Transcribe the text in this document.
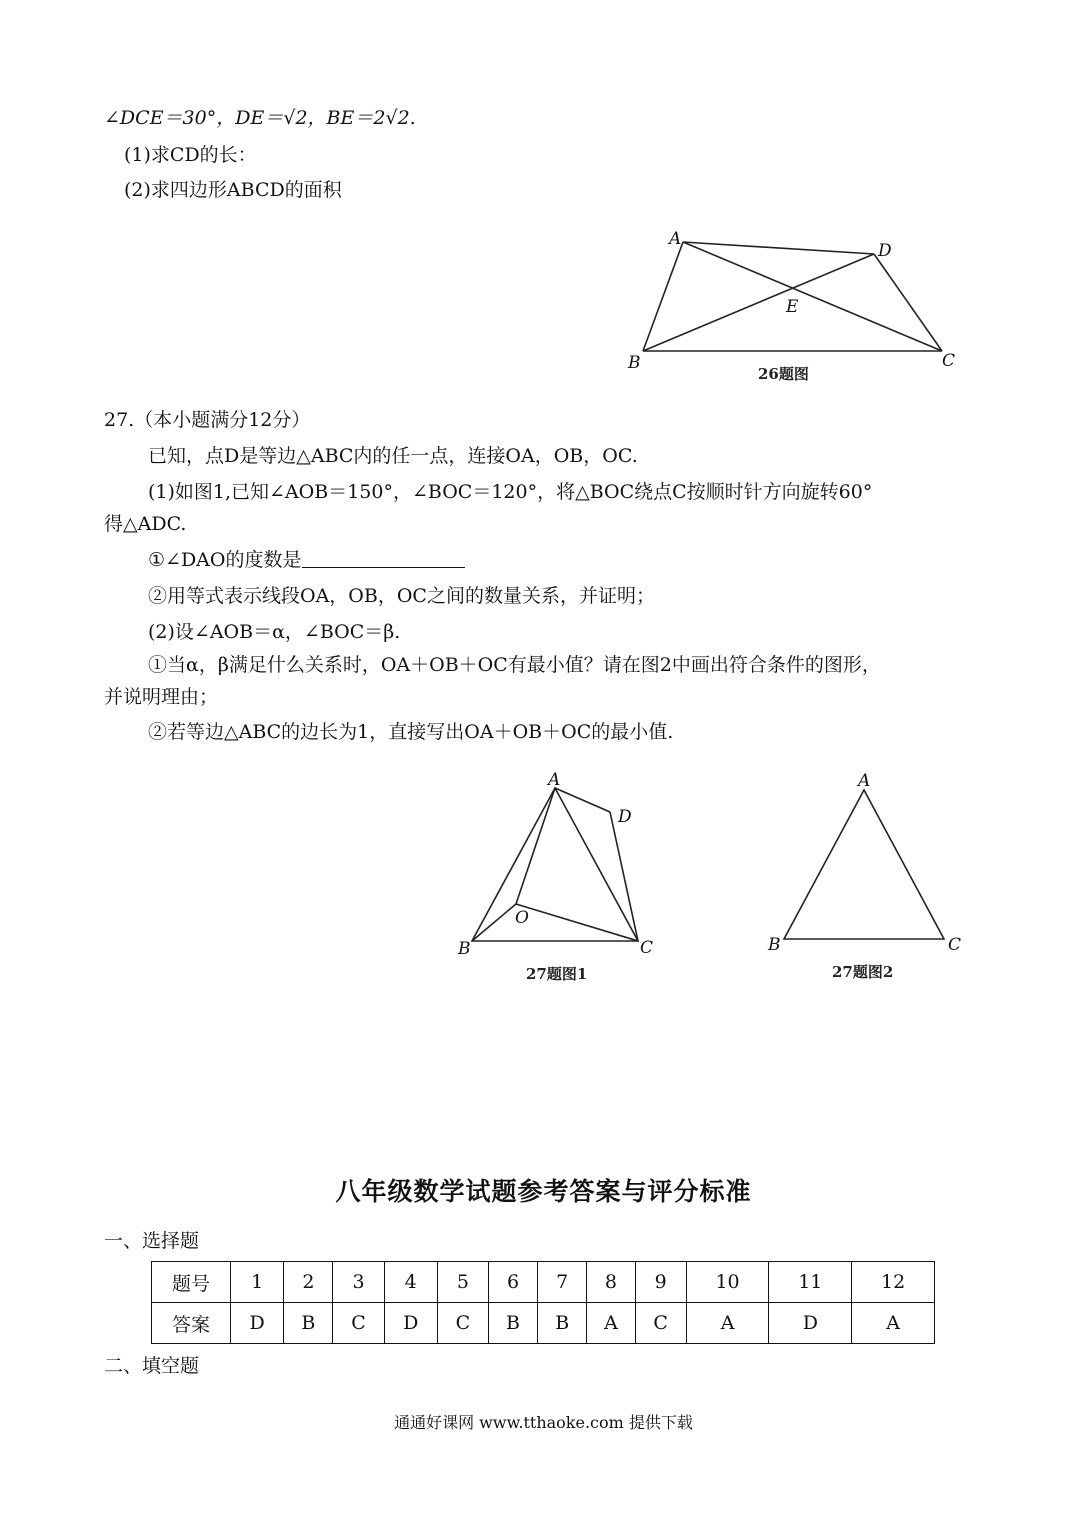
∠DCE＝30°，DE＝√2，BE＝2√2.
(1)求CD的长：
(2)求四边形ABCD的面积
A
D
E
B	C
26题图
27.（本小题满分12分）
已知，点D是等边△ABC内的任一点，连接OA，OB，OC.
(1)如图1,已知∠AOB＝150°，∠BOC＝120°，将△BOC绕点C按顺时针方向旋转60°
得△ADC.
①∠DAO的度数是
②用等式表示线段OA，OB，OC之间的数量关系，并证明；
(2)设∠AOB＝α，∠BOC＝β.
①当α，β满足什么关系时，OA＋OB＋OC有最小值？请在图2中画出符合条件的图形，
并说明理由；
②若等边△ABC的边长为1，直接写出OA＋OB＋OC的最小值.
A
D
O
B	C
27题图1
A
B	C
27题图2
八年级数学试题参考答案与评分标准
一、选择题
题号	1	2	3	4	5	6	7	8	9	10	11	12
答案	D	B	C	D	C	B	B	A	C	A	D	A
二、填空题
通通好课网 www.tthaoke.com 提供下载
